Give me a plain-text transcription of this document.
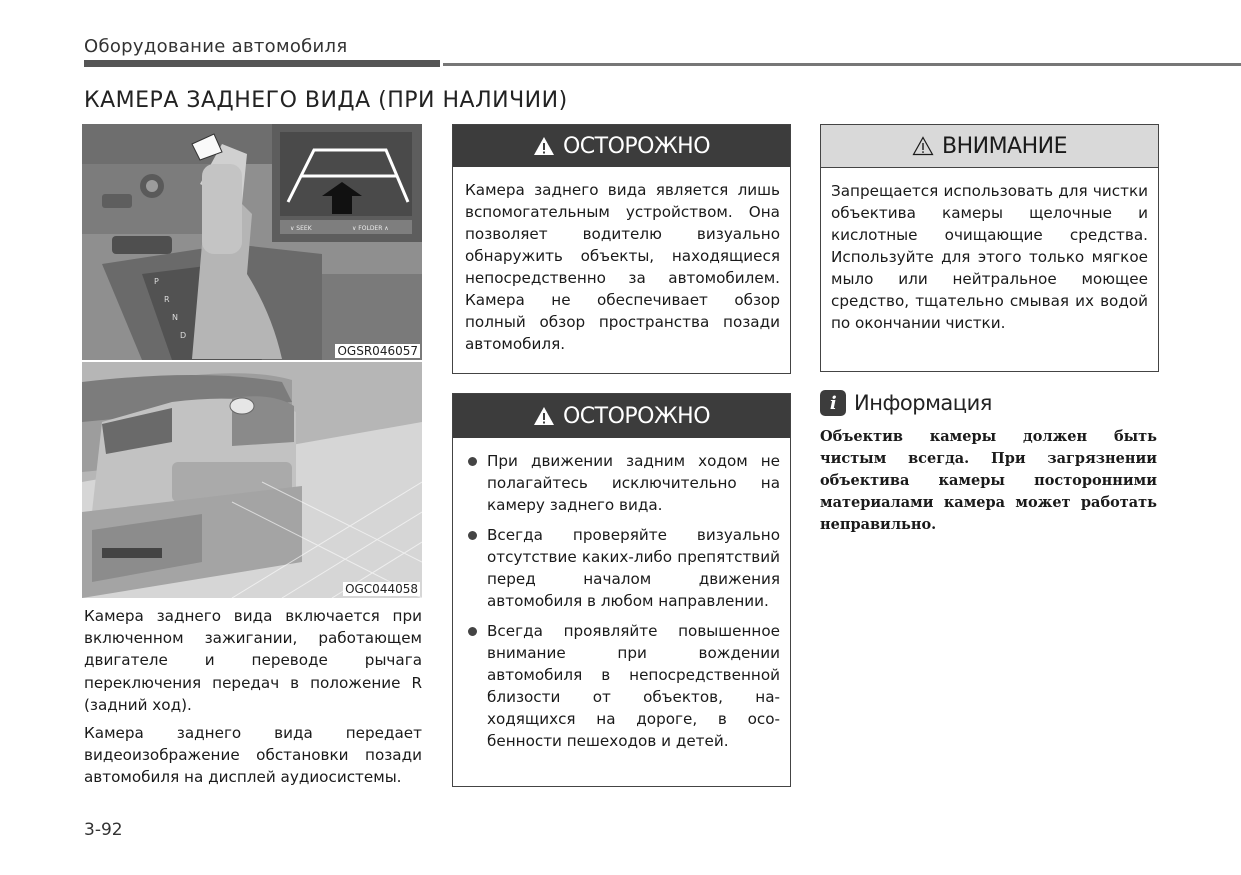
Оборудование автомобиля
КАМЕРА ЗАДНЕГО ВИДА (ПРИ НАЛИЧИИ)
P
R
N
D
∨ SEEK	∨ FOLDER ∧
OGSR046057
OGC044058

Камера заднего вида включается при включенном зажигании, работающем двигателе и переводе рычага переключения передач в положение R (задний ход).

Камера заднего вида передает видеоизображение обстановки позади автомобиля на дисплей аудиосистемы.

3-92
ОСТОРОЖНО
Камера заднего вида является лишь вспомогательным устройством. Она позволяет водителю визуально обнаружить объекты, находящиеся непосредственно за автомобилем. Камера не обеспечивает обзор полный обзор пространства позади автомобиля.
ОСТОРОЖНО
При движении задним ходом не полагайтесь исключительно на камеру заднего вида.
Всегда проверяйте визуально отсутствие каких-либо препятствий перед началом движения автомобиля в любом направлении.
Всегда проявляйте повышенное внимание при вождении автомобиля в непосредственной близости от объектов, находящихся на дороге, в особенности пешеходов и детей.
ВНИМАНИЕ
Запрещается использовать для чистки объектива камеры щелочные и кислотные очищающие средства. Используйте для этого только мягкое мыло или нейтральное моющее средство, тщательно смывая их водой по окончании чистки.
i Информация
Объектив камеры должен быть чистым всегда. При загрязнении объектива камеры посторонними материалами камера может работать неправильно.
